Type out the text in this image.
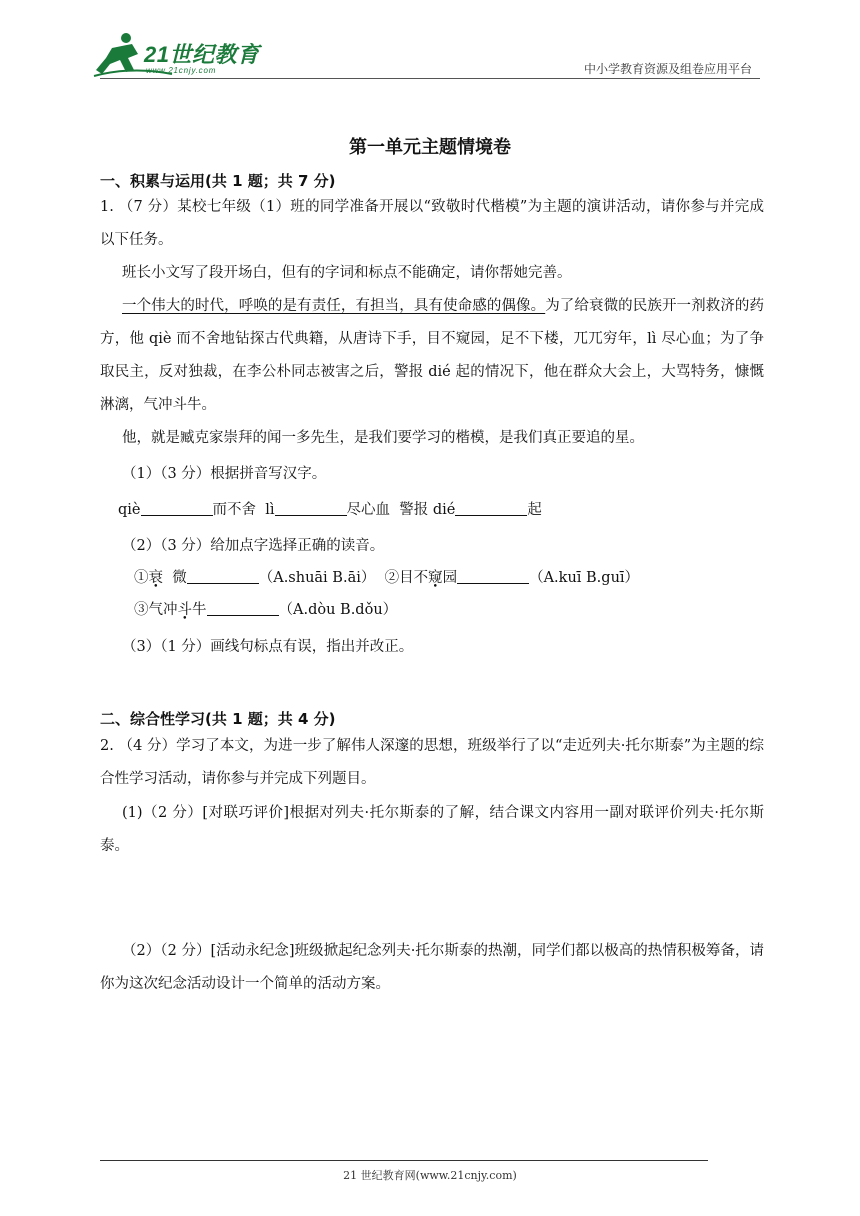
21世纪教育
www.21cnjy.com	中小学教育资源及组卷应用平台
第一单元主题情境卷
一、积累与运用(共 1 题；共 7 分)
1. （7 分）某校七年级（1）班的同学准备开展以“致敬时代楷模”为主题的演讲活动，请你参与并完成以下任务。
班长小文写了段开场白，但有的字词和标点不能确定，请你帮她完善。
一个伟大的时代，呼唤的是有责任，有担当，具有使命感的偶像。为了给衰微的民族开一剂救济的药方，他 qiè 而不舍地钻探古代典籍，从唐诗下手，目不窥园，足不下楼，兀兀穷年，lì 尽心血；为了争取民主，反对独裁，在李公朴同志被害之后，警报 dié 起的情况下，他在群众大会上，大骂特务，慷慨淋漓，气冲斗牛。
他，就是臧克家崇拜的闻一多先生，是我们要学习的楷模，是我们真正要追的星。
（1）（3 分）根据拼音写汉字。
qiè	而不舍 lì	尽心血 警报 dié	起
（2）（3 分）给加点字选择正确的读音。
①衰 微	（A.shuāi B.āi） ②目不窥园	（A.kuī B.guī）
③气冲斗牛	（A.dòu B.dǒu）
（3）（1 分）画线句标点有误，指出并改正。
二、综合性学习(共 1 题；共 4 分)
2. （4 分）学习了本文，为进一步了解伟人深邃的思想，班级举行了以“走近列夫·托尔斯泰”为主题的综合性学习活动，请你参与并完成下列题目。
(1)（2 分）[对联巧评价]根据对列夫·托尔斯泰的了解，结合课文内容用一副对联评价列夫·托尔斯泰。
（2）（2 分）[活动永纪念]班级掀起纪念列夫·托尔斯泰的热潮，同学们都以极高的热情积极筹备，请你为这次纪念活动设计一个简单的活动方案。
21 世纪教育网(www.21cnjy.com)
